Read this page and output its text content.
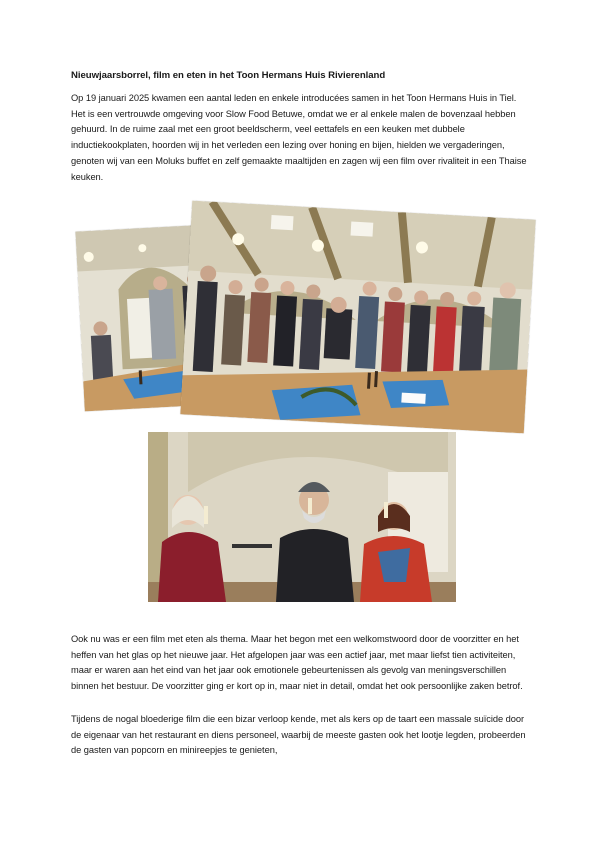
Nieuwjaarsborrel, film en eten in het Toon Hermans Huis Rivierenland

Op 19 januari 2025 kwamen een aantal leden en enkele introducées samen in het Toon Hermans Huis in Tiel. Het is een vertrouwde omgeving voor Slow Food Betuwe, omdat we er al enkele malen de bovenzaal hebben gehuurd. In de ruime zaal met een groot beeldscherm, veel eettafels en een keuken met dubbele inductiekookplaten, hoorden wij in het verleden een lezing over honing en bijen, hielden we vergaderingen, genoten wij van een Moluks buffet en zelf gemaakte maaltijden en zagen wij een film over rivaliteit in een Thaise keuken.

Ook nu was er een film met eten als thema. Maar het begon met een welkomstwoord door de voorzitter en het heffen van het glas op het nieuwe jaar. Het afgelopen jaar was een actief jaar, met maar liefst tien activiteiten, maar er waren aan het eind van het jaar ook emotionele gebeurtenissen als gevolg van meningsverschillen binnen het bestuur. De voorzitter ging er kort op in, maar niet in detail, omdat het ook persoonlijke zaken betrof.

Tijdens de nogal bloederige film die een bizar verloop kende, met als kers op de taart een massale suïcide door de eigenaar van het restaurant en diens personeel, waarbij de meeste gasten ook het lootje legden, probeerden de gasten van popcorn en minireepjes te genieten,
